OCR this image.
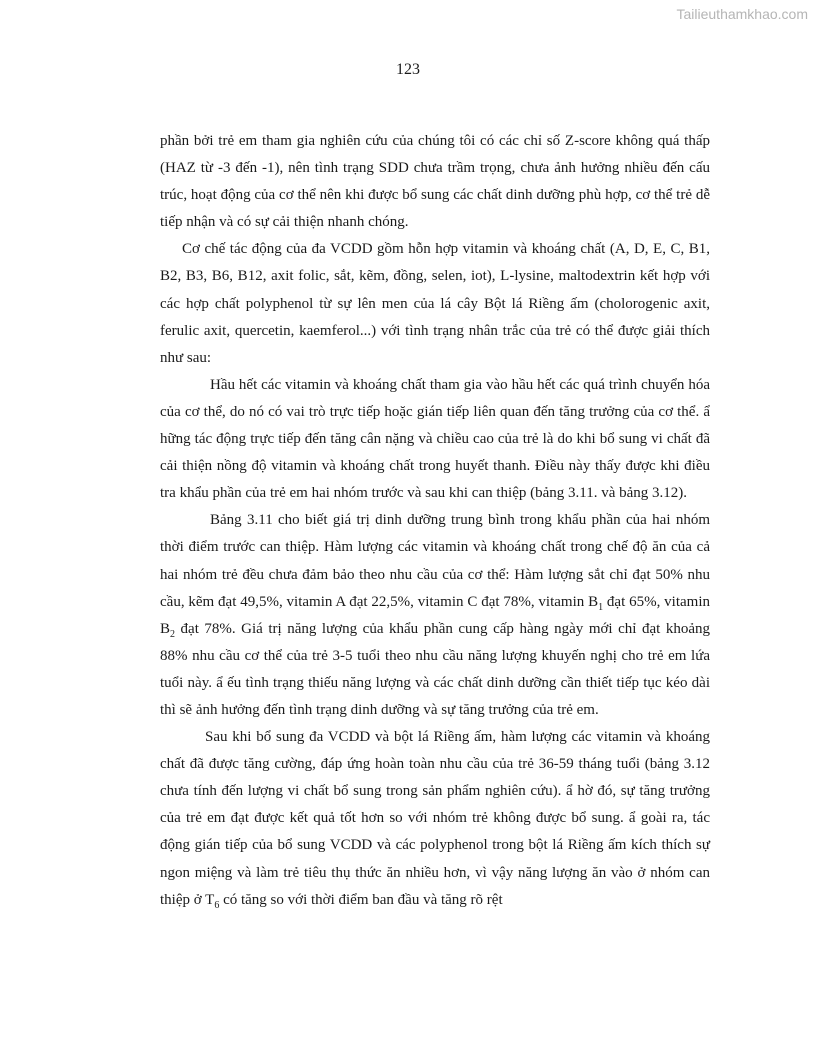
Tailieuthamkhao.com
123

phần bởi trẻ em tham gia nghiên cứu của chúng tôi có các chỉ số Z-score không quá thấp (HAZ từ -3 đến -1), nên tình trạng SDD chưa trầm trọng, chưa ảnh hưởng nhiều đến cấu trúc, hoạt động của cơ thể nên khi được bổ sung các chất dinh dưỡng phù hợp, cơ thể trẻ dễ tiếp nhận và có sự cải thiện nhanh chóng.

Cơ chế tác động của đa VCDD gồm hỗn hợp vitamin và khoáng chất (A, D, E, C, B1, B2, B3, B6, B12, axit folic, sắt, kẽm, đồng, selen, iot), L-lysine, maltodextrin kết hợp với các hợp chất polyphenol từ sự lên men của lá cây Bột lá Riềng ấm (cholorogenic axit, ferulic axit, quercetin, kaemferol...) với tình trạng nhân trắc của trẻ có thể được giải thích như sau:

Hầu hết các vitamin và khoáng chất tham gia vào hầu hết các quá trình chuyển hóa của cơ thể, do nó có vai trò trực tiếp hoặc gián tiếp liên quan đến tăng trưởng của cơ thể. ẩ hững tác động trực tiếp đến tăng cân nặng và chiều cao của trẻ là do khi bổ sung vi chất đã cải thiện nồng độ vitamin và khoáng chất trong huyết thanh. Điều này thấy được khi điều tra khẩu phần của trẻ em hai nhóm trước và sau khi can thiệp (bảng 3.11. và bảng 3.12).

Bảng 3.11 cho biết giá trị dinh dưỡng trung bình trong khẩu phần của hai nhóm thời điểm trước can thiệp. Hàm lượng các vitamin và khoáng chất trong chế độ ăn của cả hai nhóm trẻ đều chưa đảm bảo theo nhu cầu của cơ thể: Hàm lượng sắt chỉ đạt 50% nhu cầu, kẽm đạt 49,5%, vitamin A đạt 22,5%, vitamin C đạt 78%, vitamin $B_1$ đạt 65%, vitamin $B_2$ đạt 78%. Giá trị năng lượng của khẩu phần cung cấp hàng ngày mới chỉ đạt khoảng 88% nhu cầu cơ thể của trẻ 3-5 tuổi theo nhu cầu năng lượng khuyến nghị cho trẻ em lứa tuổi này. ẩ ếu tình trạng thiếu năng lượng và các chất dinh dưỡng cần thiết tiếp tục kéo dài thì sẽ ảnh hưởng đến tình trạng dinh dưỡng và sự tăng trưởng của trẻ em.

Sau khi bổ sung đa VCDD và bột lá Riềng ấm, hàm lượng các vitamin và khoáng chất đã được tăng cường, đáp ứng hoàn toàn nhu cầu của trẻ 36-59 tháng tuổi (bảng 3.12 chưa tính đến lượng vi chất bổ sung trong sản phẩm nghiên cứu). ẩ hờ đó, sự tăng trưởng của trẻ em đạt được kết quả tốt hơn so với nhóm trẻ không được bổ sung. ẩ goài ra, tác động gián tiếp của bổ sung VCDD và các polyphenol trong bột lá Riềng ấm kích thích sự ngon miệng và làm trẻ tiêu thụ thức ăn nhiều hơn, vì vậy năng lượng ăn vào ở nhóm can thiệp ở $T_6$ có tăng so với thời điểm ban đầu và tăng rõ rệt
